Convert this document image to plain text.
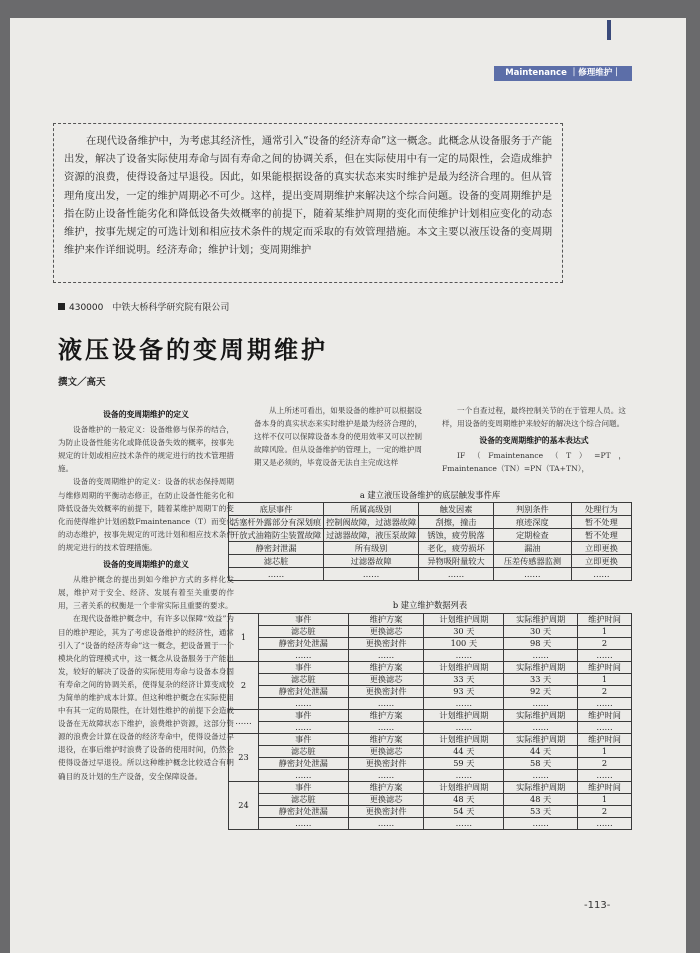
Maintenance ｜修理维护｜
在现代设备维护中，为考虑其经济性，通常引入“设备的经济寿命”这一概念。此概念从设备服务于产能出发，解决了设备实际使用寿命与固有寿命之间的协调关系，但在实际使用中有一定的局限性，会造成维护资源的浪费，使得设备过早退役。因此，如果能根据设备的真实状态来实时维护是最为经济合理的。但从管理角度出发，一定的维护周期必不可少。这样，提出变周期维护来解决这个综合问题。设备的变周期维护是指在防止设备性能劣化和降低设备失效概率的前提下，随着某维护周期的变化而使维护计划相应变化的动态维护，按事先规定的可选计划和相应技术条件的规定而采取的有效管理措施。本文主要以液压设备的变周期维护来作详细说明。经济寿命；维护计划；变周期维护
430000　中铁大桥科学研究院有限公司
液压设备的变周期维护
撰文／高天
设备的变周期维护的定义

设备维护的一般定义：设备维修与保养的结合，为防止设备性能劣化或降低设备失效的概率，按事先规定的计划或相应技术条件的规定进行的技术管理措施。

设备的变周期维护的定义：设备的状态保持周期与维修周期的平衡动态修正，在防止设备性能劣化和降低设备失效概率的前提下，随着某维护周期Ｔ的变化而使得维护计划函数Fmaintenance（T）而变化的动态维护，按事先规定的可选计划和相应技术条件的规定进行的技术管理措施。

设备的变周期维护的意义

从维护概念的提出到如今维护方式的多样化发展，维护对于安全、经济、发展有着至关重要的作用，三者关系的权衡是一个非常实际且重要的要求。

在现代设备维护概念中，有许多以保障“效益”为目的维护理论，其为了考虑设备维护的经济性，通常引入了“设备的经济寿命”这一概念，把设备置于一个模块化的管理模式中，这一概念从设备服务于产能出发，较好的解决了设备的实际使用寿命与设备本身固有寿命之间的协调关系，使得复杂的经济计算变成较为简单的维护成本计算。但这种维护概念在实际使用中有其一定的局限性，在计划性维护的前提下会造成设备在无故障状态下维护，浪费维护资源，这部分资源的浪费会计算在设备的经济寿命中，使得设备过早退役，在事后维护时浪费了设备的使用时间，仍然会使得设备过早退役。所以这种维护概念比较适合有明确目的及计划的生产设备，安全保障设备。

从上所述可看出，如果设备的维护可以根据设备本身的真实状态来实时维护是最为经济合理的，这样不仅可以保障设备本身的使用效率又可以控制故障风险。但从设备维护的管理上，一定的维护周期又是必须的，毕竟设备无法自主完成这样

一个自查过程，最终控制关节的在于管理人员。这样，用设备的变周期维护来较好的解决这个综合问题。

设备的变周期维护的基本表达式

IF（Fmaintenance（T）=PT，Fmaintenance（TN）=PN（TA+TN），

a 建立液压设备维护的底层触发事件库
底层事件	所属高级别	触发因素	判别条件	处理行为
活塞杆外露部分有深划痕	控制阀故障，过滤器故障	刮擦，撞击	痕迹深度	暂不处理
开放式油箱防尘装置故障	过滤器故障，液压泵故障	锈蚀，疲劳脱落	定期检查	暂不处理
静密封泄漏	所有级别	老化，疲劳损坏	漏油	立即更换
滤芯脏	过滤器故障	异物吸附量较大	压差传感器监测	立即更换
……	……	……	……	……
b 建立维护数据列表
1	事件	维护方案	计划维护周期	实际维护周期	维护时间
	滤芯脏	更换滤芯	30 天	30 天	1
	静密封处泄漏	更换密封件	100 天	98 天	2
	……	……	……	……	……
2	事件	维护方案	计划维护周期	实际维护周期	维护时间
	滤芯脏	更换滤芯	33 天	33 天	1
	静密封处泄漏	更换密封件	93 天	92 天	2
	……	……	……	……	……
……	事件	维护方案	计划维护周期	实际维护周期	维护时间
	……	……	……	……	……
23	事件	维护方案	计划维护周期	实际维护周期	维护时间
	滤芯脏	更换滤芯	44 天	44 天	1
	静密封处泄漏	更换密封件	59 天	58 天	2
	……	……	……	……	……
24	事件	维护方案	计划维护周期	实际维护周期	维护时间
	滤芯脏	更换滤芯	48 天	48 天	1
	静密封处泄漏	更换密封件	54 天	53 天	2
	……	……	……	……	……
-113-
